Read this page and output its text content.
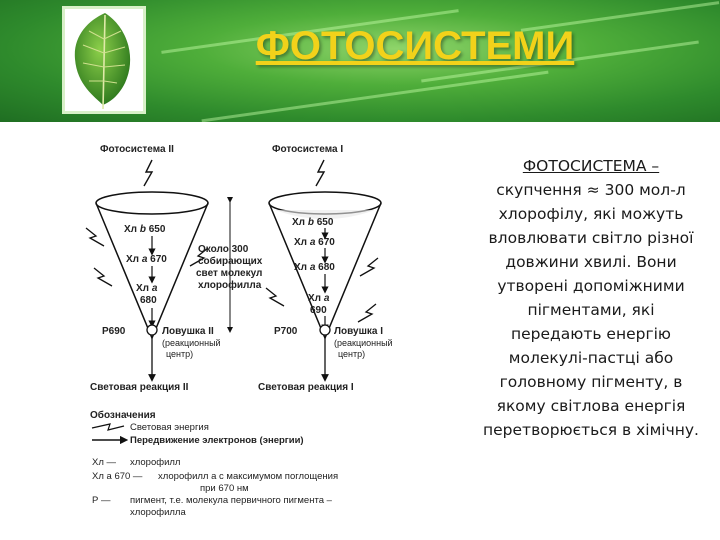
ФОТОСИСТЕМИ
Фотосистема II	Фотосистема I
Хл b 650
Хл a 670
Хл a
680
Хл b 650
Хл a 670
Хл a 680
Хл a
690
Около 300
собирающих
свет молекул
хлорофилла
P690	P700
Ловушка II
(реакционный
центр)
Ловушка I
(реакционный
центр)
Световая реакция II	Световая реакция I
Обозначения
Световая энергия
Передвижение электронов (энергии)
Хл — хлорофилл
Хл a 670 — хлорофилл a с максимумом поглощения
при 670 нм
Р — пигмент, т.е. молекула первичного пигмента –
хлорофилла
ФОТОСИСТЕМА –
скупчення ≈ 300 мол-л хлорофілу, які можуть вловлювати світло різної довжини хвилі. Вони утворені допоміжними пігментами, які передають енергію молекулі-пастці або головному пігменту, в якому світлова енергія перетворюється в хімічну.
